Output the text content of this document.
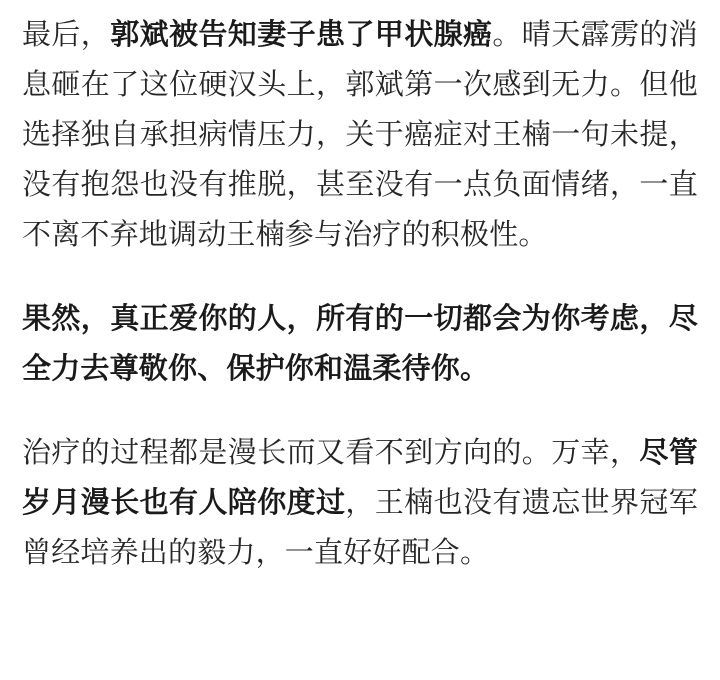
最后，郭斌被告知妻子患了甲状腺癌。晴天霹雳的消息砸在了这位硬汉头上，郭斌第一次感到无力。但他选择独自承担病情压力，关于癌症对王楠一句未提，没有抱怨也没有推脱，甚至没有一点负面情绪，一直不离不弃地调动王楠参与治疗的积极性。

果然，真正爱你的人，所有的一切都会为你考虑，尽全力去尊敬你、保护你和温柔待你。

治疗的过程都是漫长而又看不到方向的。万幸，尽管岁月漫长也有人陪你度过，王楠也没有遗忘世界冠军曾经培养出的毅力，一直好好配合。
